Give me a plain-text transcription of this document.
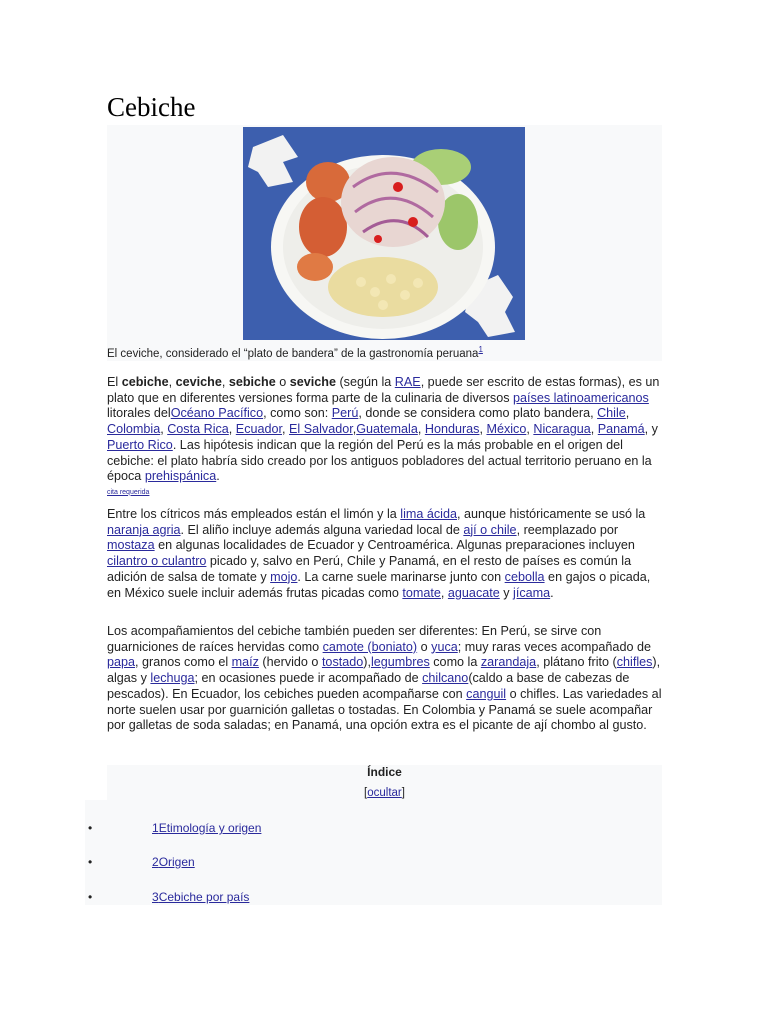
Cebiche
El ceviche, considerado el “plato de bandera” de la gastronomía peruana$^1$

El cebiche, ceviche, sebiche o seviche (según la RAE, puede ser escrito de estas formas), es un plato que en diferentes versiones forma parte de la culinaria de diversos países latinoamericanos litorales delOcéano Pacífico, como son: Perú, donde se considera como plato bandera, Chile, Colombia, Costa Rica, Ecuador, El Salvador,Guatemala, Honduras, México, Nicaragua, Panamá, y Puerto Rico. Las hipótesis indican que la región del Perú es la más probable en el origen del cebiche: el plato habría sido creado por los antiguos pobladores del actual territorio peruano en la época prehispánica.
$^{cita requerida}$

Entre los cítricos más empleados están el limón y la lima ácida, aunque históricamente se usó la naranja agria. El aliño incluye además alguna variedad local de ají o chile, reemplazado por mostaza en algunas localidades de Ecuador y Centroamérica. Algunas preparaciones incluyen cilantro o culantro picado y, salvo en Perú, Chile y Panamá, en el resto de países es común la adición de salsa de tomate y mojo. La carne suele marinarse junto con cebolla en gajos o picada, en México suele incluir además frutas picadas como tomate, aguacate y jícama.

Los acompañamientos del cebiche también pueden ser diferentes: En Perú, se sirve con guarniciones de raíces hervidas como camote (boniato) o yuca; muy raras veces acompañado de papa, granos como el maíz (hervido o tostado),legumbres como la zarandaja, plátano frito (chifles), algas y lechuga; en ocasiones puede ir acompañado de chilcano(caldo a base de cabezas de pescados). En Ecuador, los cebiches pueden acompañarse con canguil o chifles. Las variedades al norte suelen usar por guarnición galletas o tostadas. En Colombia y Panamá se suele acompañar por galletas de soda saladas; en Panamá, una opción extra es el picante de ají chombo al gusto.

Índice
[ocultar]
•	1Etimología y origen
•	2Origen
•	3Cebiche por país
